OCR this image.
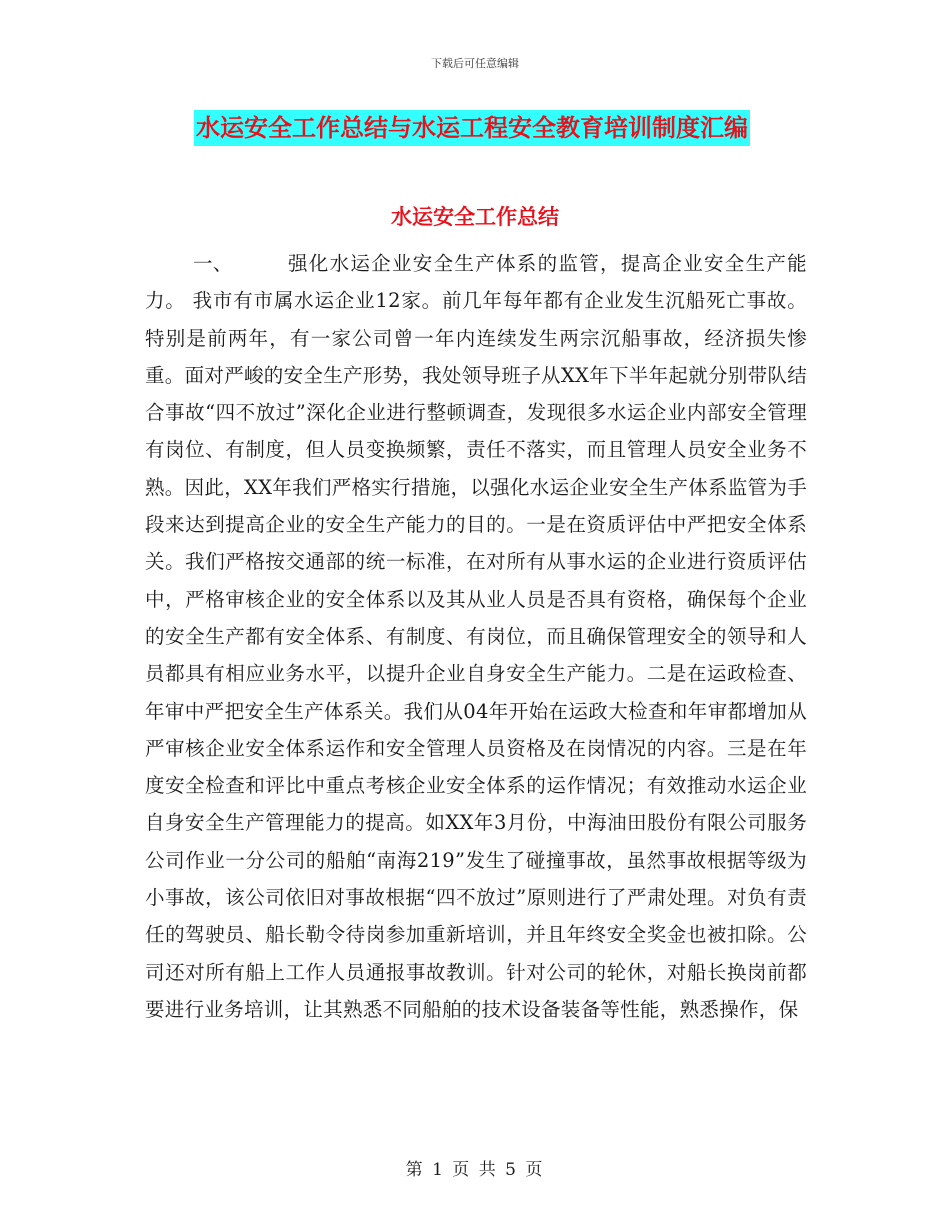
下载后可任意编辑
水运安全工作总结与水运工程安全教育培训制度汇编
水运安全工作总结

一、	强化水运企业安全生产体系的监管，提高企业安全生产能力。 我市有市属水运企业12家。前几年每年都有企业发生沉船死亡事故。特别是前两年，有一家公司曾一年内连续发生两宗沉船事故，经济损失惨重。面对严峻的安全生产形势，我处领导班子从XX年下半年起就分别带队结合事故“四不放过”深化企业进行整顿调查，发现很多水运企业内部安全管理有岗位、有制度，但人员变换频繁，责任不落实，而且管理人员安全业务不熟。因此，XX年我们严格实行措施，以强化水运企业安全生产体系监管为手段来达到提高企业的安全生产能力的目的。一是在资质评估中严把安全体系关。我们严格按交通部的统一标准，在对所有从事水运的企业进行资质评估中，严格审核企业的安全体系以及其从业人员是否具有资格，确保每个企业的安全生产都有安全体系、有制度、有岗位，而且确保管理安全的领导和人员都具有相应业务水平，以提升企业自身安全生产能力。二是在运政检查、年审中严把安全生产体系关。我们从04年开始在运政大检查和年审都增加从严审核企业安全体系运作和安全管理人员资格及在岗情况的内容。三是在年度安全检查和评比中重点考核企业安全体系的运作情况；有效推动水运企业自身安全生产管理能力的提高。如XX年3月份，中海油田股份有限公司服务公司作业一分公司的船舶“南海219”发生了碰撞事故，虽然事故根据等级为小事故，该公司依旧对事故根据“四不放过”原则进行了严肃处理。对负有责任的驾驶员、船长勒令待岗参加重新培训，并且年终安全奖金也被扣除。公司还对所有船上工作人员通报事故教训。针对公司的轮休，对船长换岗前都要进行业务培训，让其熟悉不同船舶的技术设备装备等性能，熟悉操作，保

第 1 页 共 5 页
